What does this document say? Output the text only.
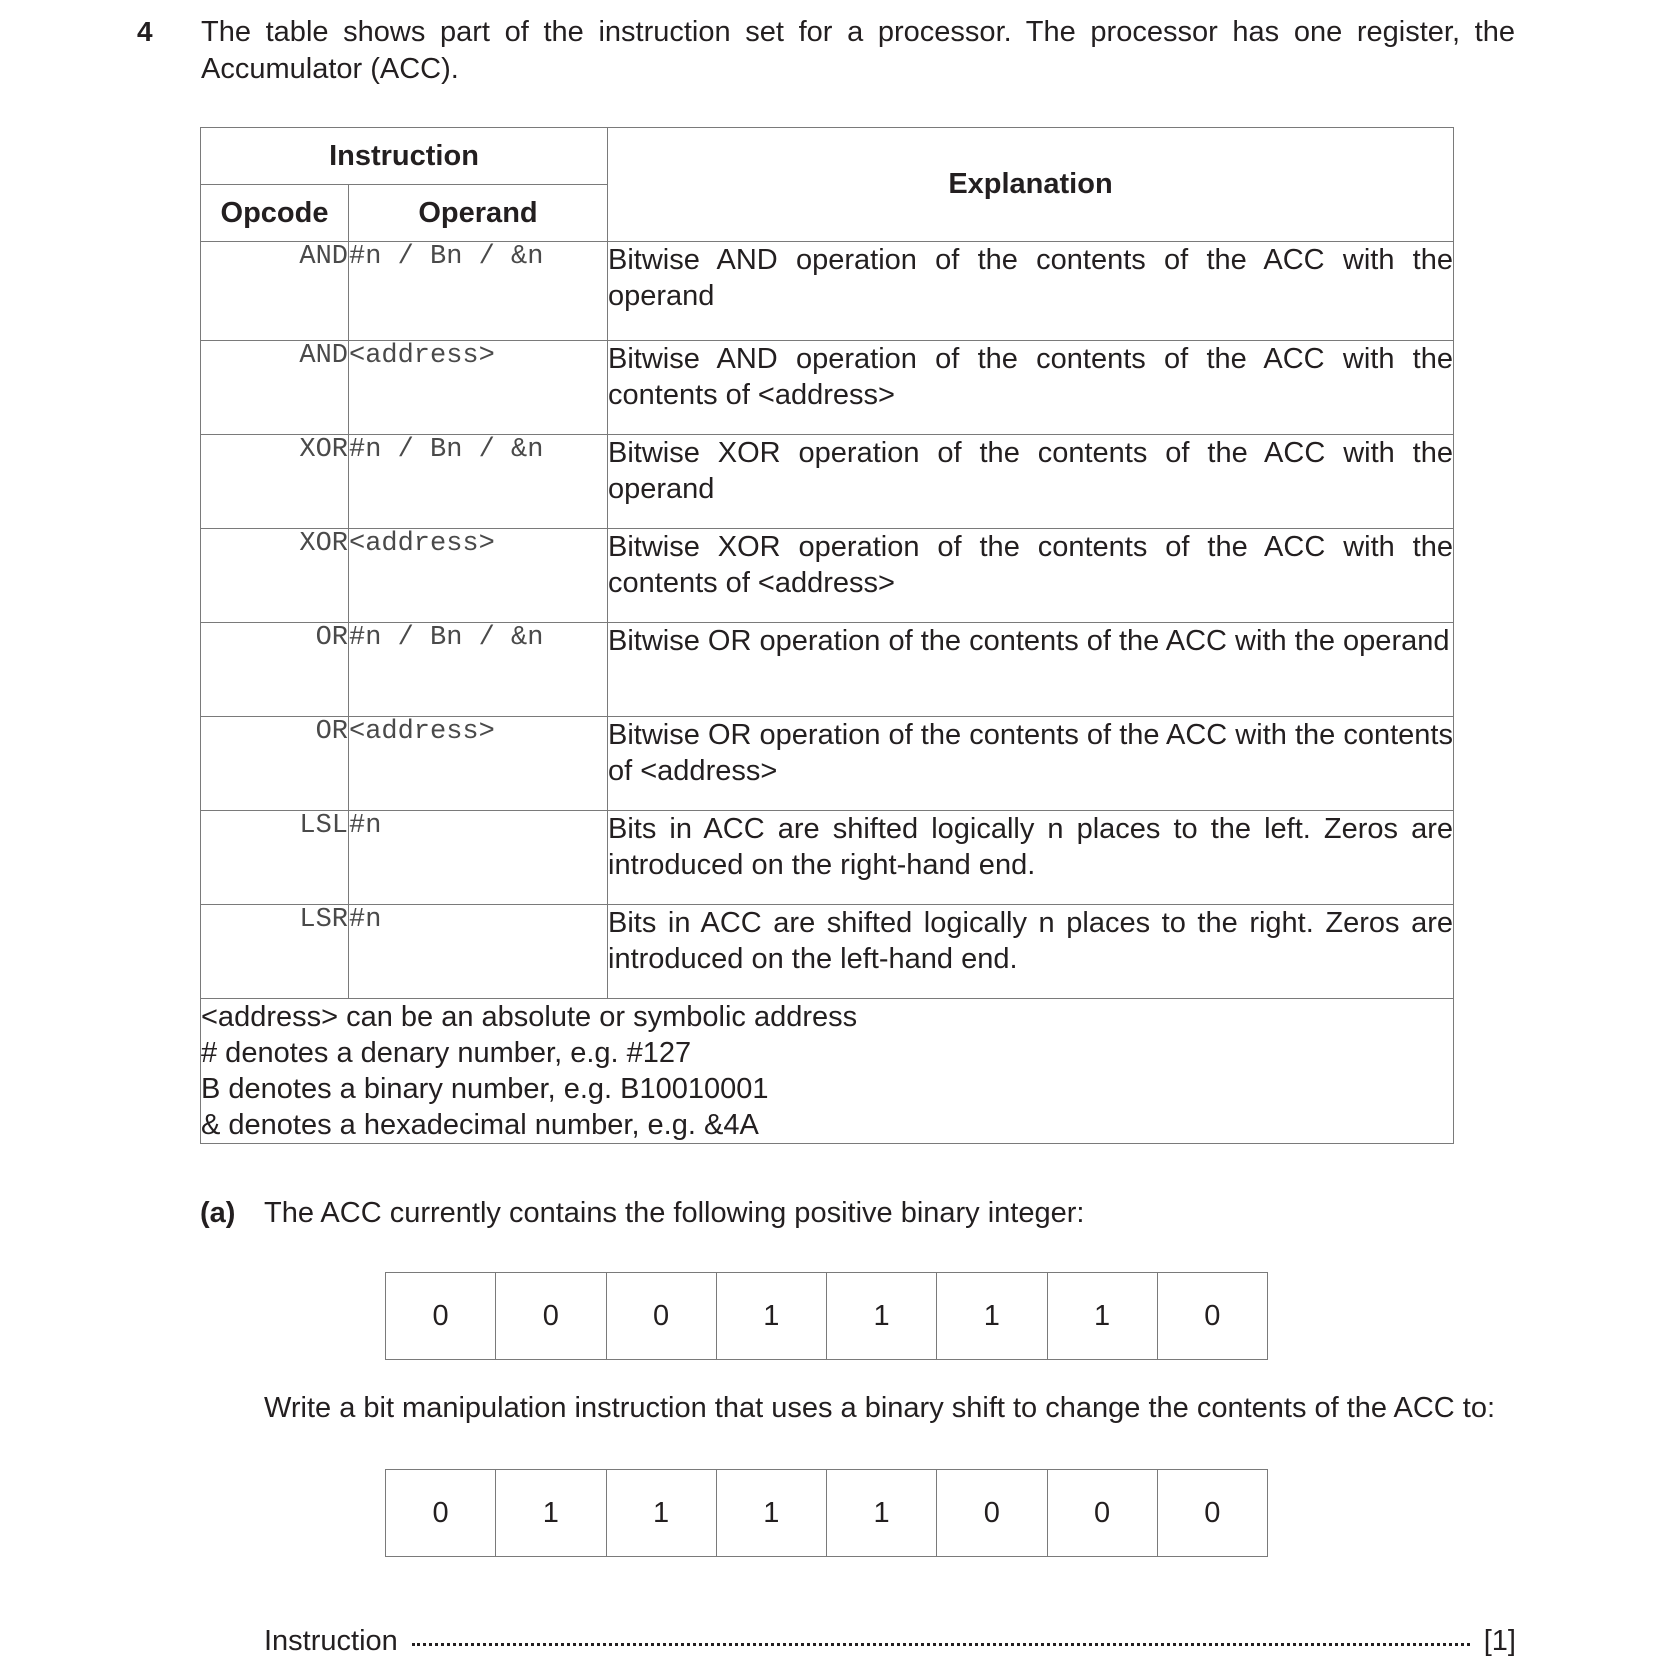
4 The table shows part of the instruction set for a processor. The processor has one register, the Accumulator (ACC).
Instruction		Explanation
Opcode	Operand	
AND	#n / Bn / &n	Bitwise AND operation of the contents of the ACC with the operand
AND	<address>	Bitwise AND operation of the contents of the ACC with the contents of <address>
XOR	#n / Bn / &n	Bitwise XOR operation of the contents of the ACC with the operand
XOR	<address>	Bitwise XOR operation of the contents of the ACC with the contents of <address>
OR	#n / Bn / &n	Bitwise OR operation of the contents of the ACC with the operand
OR	<address>	Bitwise OR operation of the contents of the ACC with the contents of <address>
LSL	#n	Bits in ACC are shifted logically n places to the left. Zeros are introduced on the right-hand end.
LSR	#n	Bits in ACC are shifted logically n places to the right. Zeros are introduced on the left-hand end.

<address> can be an absolute or symbolic address
# denotes a denary number, e.g. #127
B denotes a binary number, e.g. B10010001
& denotes a hexadecimal number, e.g. &4A		
(a) The ACC currently contains the following positive binary integer:
0	0	0	1	1	1	1	0
Write a bit manipulation instruction that uses a binary shift to change the contents of the ACC to:
0	1	1	1	1	0	0	0
Instruction	[1]
